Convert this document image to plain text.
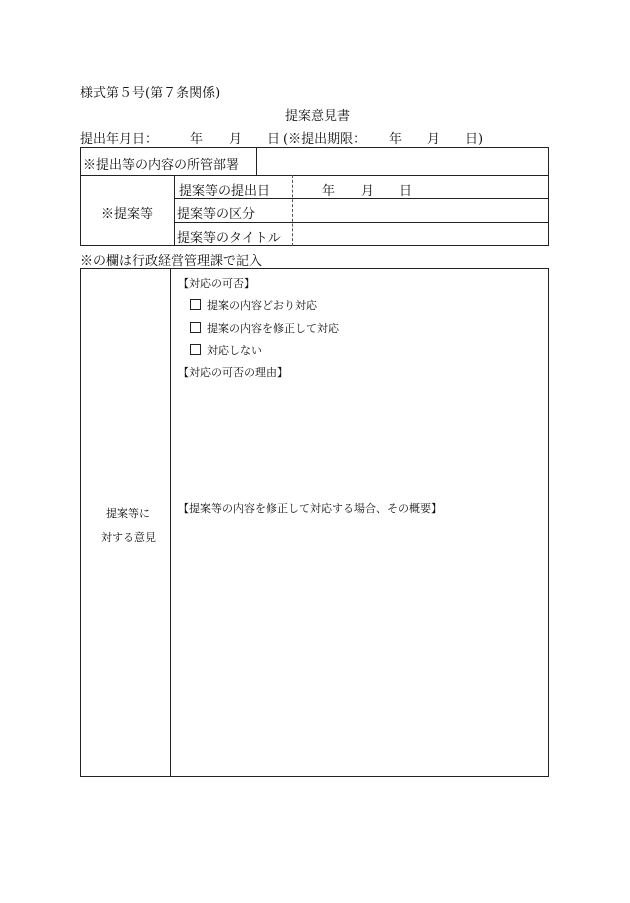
様式第５号(第７条関係)
提案意見書
提出年月日： 年 月 日 (※提出期限： 年 月 日)
※提出等の内容の所管部署
※提案等
提案等の提出日	年 月 日
提案等の区分
提案等のタイトル
※の欄は行政経営管理課で記入
提案等に
対する意見
【対応の可否】
提案の内容どおり対応
提案の内容を修正して対応
対応しない
【対応の可否の理由】
【提案等の内容を修正して対応する場合、その概要】
